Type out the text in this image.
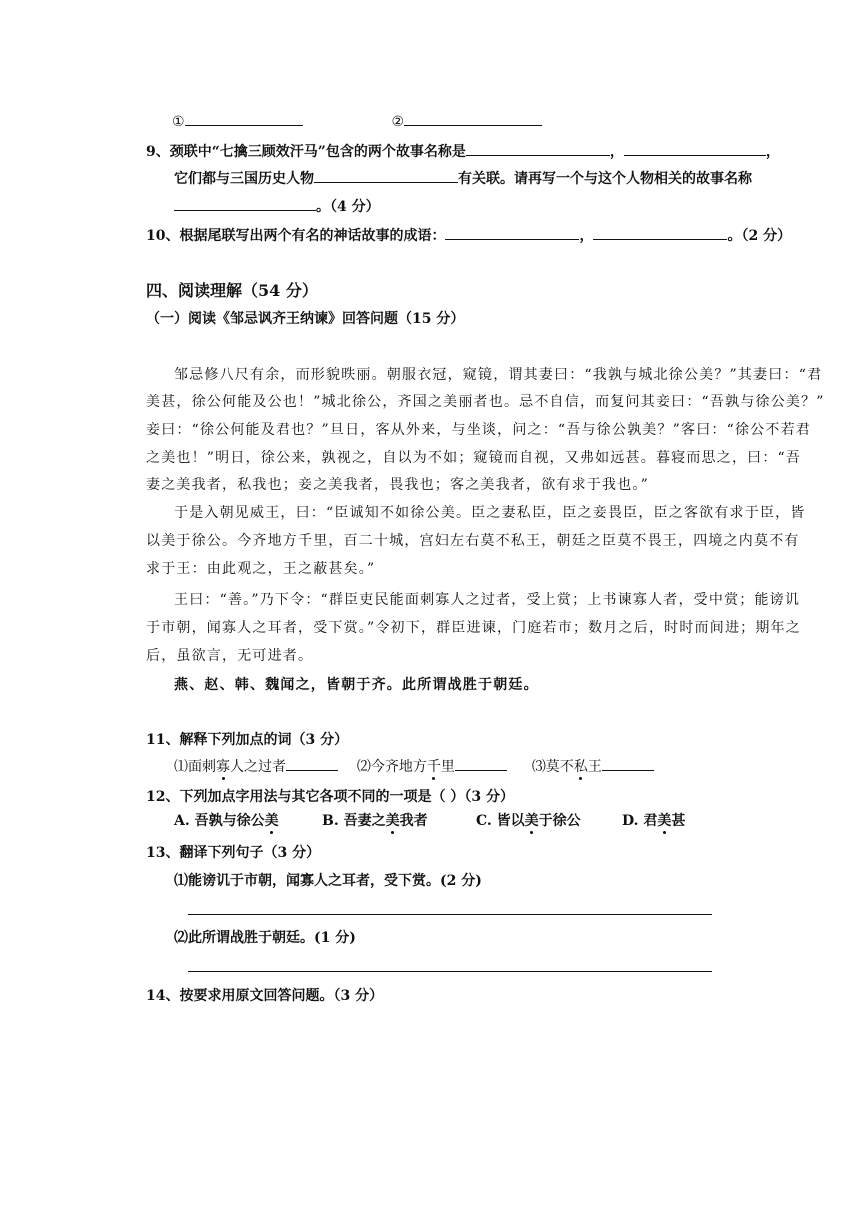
①	②
9、颈联中“七擒三顾效汗马”包含的两个故事名称是	，	，
它们都与三国历史人物	有关联。请再写一个与这个人物相关的故事名称
。（4 分）
10、根据尾联写出两个有名的神话故事的成语：	，	。（2 分）
四、阅读理解（54 分）
（一）阅读《邹忌讽齐王纳谏》回答问题（15 分）
邹忌修八尺有余，而形貌昳丽。朝服衣冠，窥镜，谓其妻曰：“我孰与城北徐公美？”其妻曰：“君
美甚，徐公何能及公也！”城北徐公，齐国之美丽者也。忌不自信，而复问其妾曰：“吾孰与徐公美？”
妾曰：“徐公何能及君也？”旦日，客从外来，与坐谈，问之：“吾与徐公孰美？”客曰：“徐公不若君
之美也！”明日，徐公来，孰视之，自以为不如；窥镜而自视，又弗如远甚。暮寝而思之，曰：“吾
妻之美我者，私我也；妾之美我者，畏我也；客之美我者，欲有求于我也。”
于是入朝见威王，曰：“臣诚知不如徐公美。臣之妻私臣，臣之妾畏臣，臣之客欲有求于臣，皆
以美于徐公。今齐地方千里，百二十城，宫妇左右莫不私王，朝廷之臣莫不畏王，四境之内莫不有
求于王：由此观之，王之蔽甚矣。”
王曰：“善。”乃下令：“群臣吏民能面刺寡人之过者，受上赏；上书谏寡人者，受中赏；能谤讥
于市朝，闻寡人之耳者，受下赏。”令初下，群臣进谏，门庭若市；数月之后，时时而间进；期年之
后，虽欲言，无可进者。
燕、赵、韩、魏闻之，皆朝于齐。此所谓战胜于朝廷。
11、解释下列加点的词（3 分）
⑴面刺寡人之过者	⑵今齐地方千里	⑶莫不私王
12、下列加点字用法与其它各项不同的一项是（ ）（3 分）
A. 吾孰与徐公美	B. 吾妻之美我者	C. 皆以美于徐公	D. 君美甚
13、翻译下列句子（3 分）
⑴能谤讥于市朝，闻寡人之耳者，受下赏。(2 分)
⑵此所谓战胜于朝廷。(1 分)
14、按要求用原文回答问题。（3 分）
